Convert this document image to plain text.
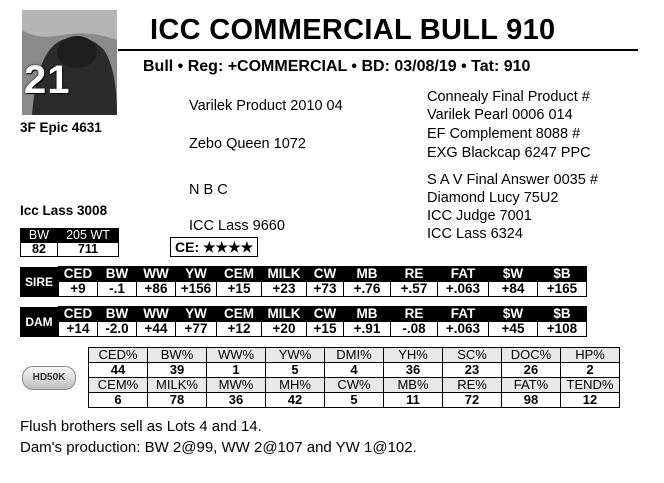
21
ICC COMMERCIAL BULL 910
Bull • Reg: +COMMERCIAL • BD: 03/08/19 • Tat: 910
3F Epic 4631
Icc Lass 3008
Varilek Product 2010 04
Zebo Queen 1072
N B C
ICC Lass 9660
Connealy Final Product #
Varilek Pearl 0006 014
EF Complement 8088 #
EXG Blackcap 6247 PPC
S A V Final Answer 0035 #
Diamond Lucy 75U2
ICC Judge 7001
ICC Lass 6324
BW	205 WT
82	711	CE: ★★★★
SIRE	CED	BW	WW	YW	CEM	MILK	CW	MB	RE	FAT	$W	$B
	+9	-.1	+86	+156	+15	+23	+73	+.76	+.57	+.063	+84	+165
DAM	CED	BW	WW	YW	CEM	MILK	CW	MB	RE	FAT	$W	$B
	+14	-2.0	+44	+77	+12	+20	+15	+.91	-.08	+.063	+45	+108
HD50K
CED%	BW%	WW%	YW%	DMI%	YH%	SC%	DOC%	HP%
44	39	1	5	4	36	23	26	2
CEM%	MILK%	MW%	MH%	CW%	MB%	RE%	FAT%	TEND%
6	78	36	42	5	11	72	98	12
Flush brothers sell as Lots 4 and 14.
Dam's production: BW 2@99, WW 2@107 and YW 1@102.
